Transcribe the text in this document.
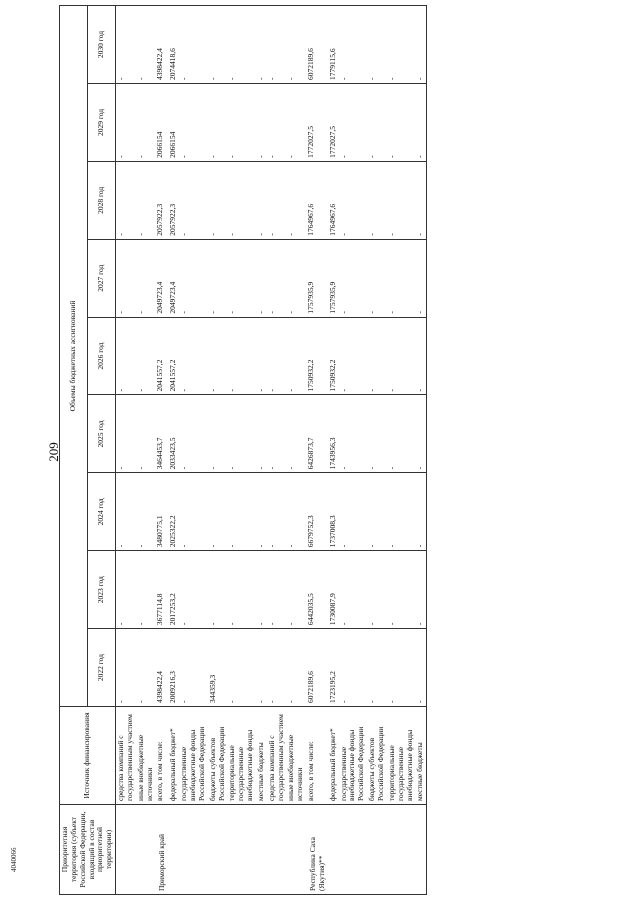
209
4040066	Приоритетная территория (субъект Российской Федерации, входящий в состав приоритетной территории)	Источник финансирования	Объемы бюджетных ассигнований								
		2022 год	2023 год	2024 год	2025 год	2026 год	2027 год	2028 год	2029 год	2030 год
	средства компаний с государственным участием	-	-	-	-	-	-	-	-	-
	иные внебюджетные источники	-	-	-	-	-	-	-	-	-
Приморский край	всего, в том числе:	4398422,4	3677114,8	3480775,1	3464453,7	2041557,2	2049723,4	2057922,3	2066154	4398422,4
	федеральный бюджет*	2009216,3	2017253,2	2025322,2	2033423,5	2041557,2	2049723,4	2057922,3	2066154	2074418,6
	государственные внебюджетные фонды Российской Федерации	-	-	-	-	-	-	-	-	-
	бюджеты субъектов Российской Федерации	344359,3	-	-	-	-	-	-	-	-
	территориальные государственные внебюджетные фонды	-	-	-	-	-	-	-	-	-
	местные бюджеты	-	-	-	-	-	-	-	-	-
	средства компаний с государственным участием	-	-	-	-	-	-	-	-	-
	иные внебюджетные источники	-	-	-	-	-	-	-	-	-
Республика Саха (Якутия)**	всего, в том числе:	6072189,6	6442035,5	6679752,3	6426873,7	1750932,2	1757935,9	1764967,6	1772027,5	6072189,6
	федеральный бюджет*	1723195,2	1730087,9	1737008,3	1743956,3	1750932,2	1757935,9	1764967,6	1772027,5	1779115,6
	государственные внебюджетные фонды Российской Федерации	-	-	-	-	-	-	-	-	-
	бюджеты субъектов Российской Федерации	-	-	-	-	-	-	-	-	-
	территориальные государственные внебюджетные фонды	-	-	-	-	-	-	-	-	-
	местные бюджеты	-	-	-	-	-	-	-	-	-
